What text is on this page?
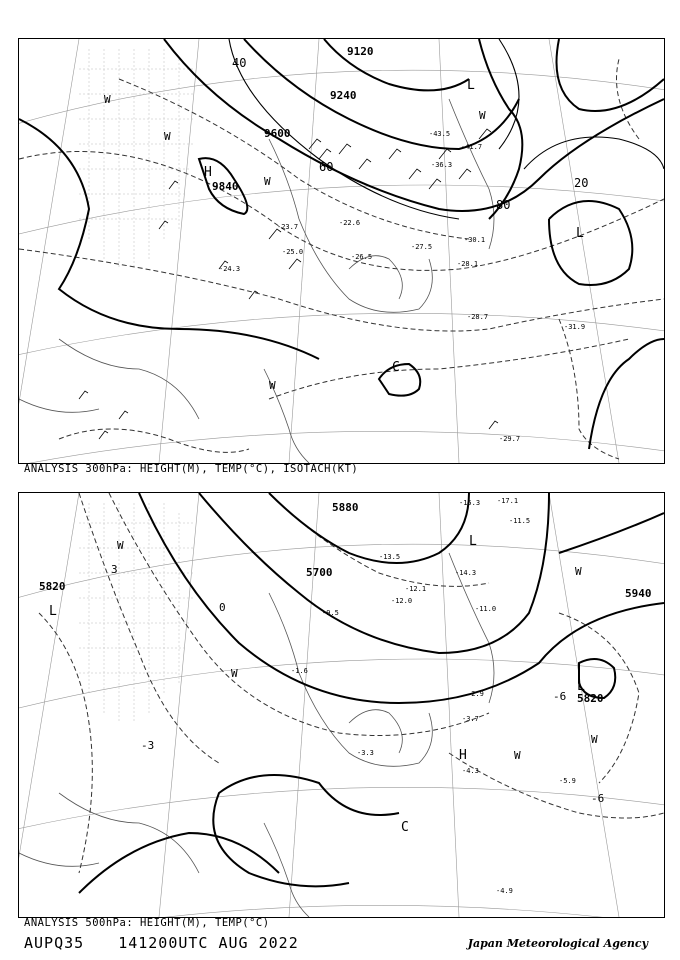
9120
9240
9840
9600
40
20
60
80
H
L
L
C
-27.5
-28.1
-28.7
-31.9
-29.7
-26.5
-25.0
-24.3
-22.6
-23.7
-41.7
-43.5
-36.3
-30.1
W
W
W
W
W
ANALYSIS 300hPa: HEIGHT(M), TEMP(°C), ISOTACH(KT)
5820
5880
5700
5940
5820
L
L
L
H
C
-15.3 -17.1
-11.5
-12.1
-14.3
-13.5
-11.0
-12.0
-9.5
-5.9
-4.9
-3.3
-2.9
-1.6
-3.7
-4.3
W
W
W
W
W
-3
0
3
-6
-6
ANALYSIS 500hPa: HEIGHT(M), TEMP(°C)
AUPQ35 141200UTC AUG 2022	Japan Meteorological Agency
